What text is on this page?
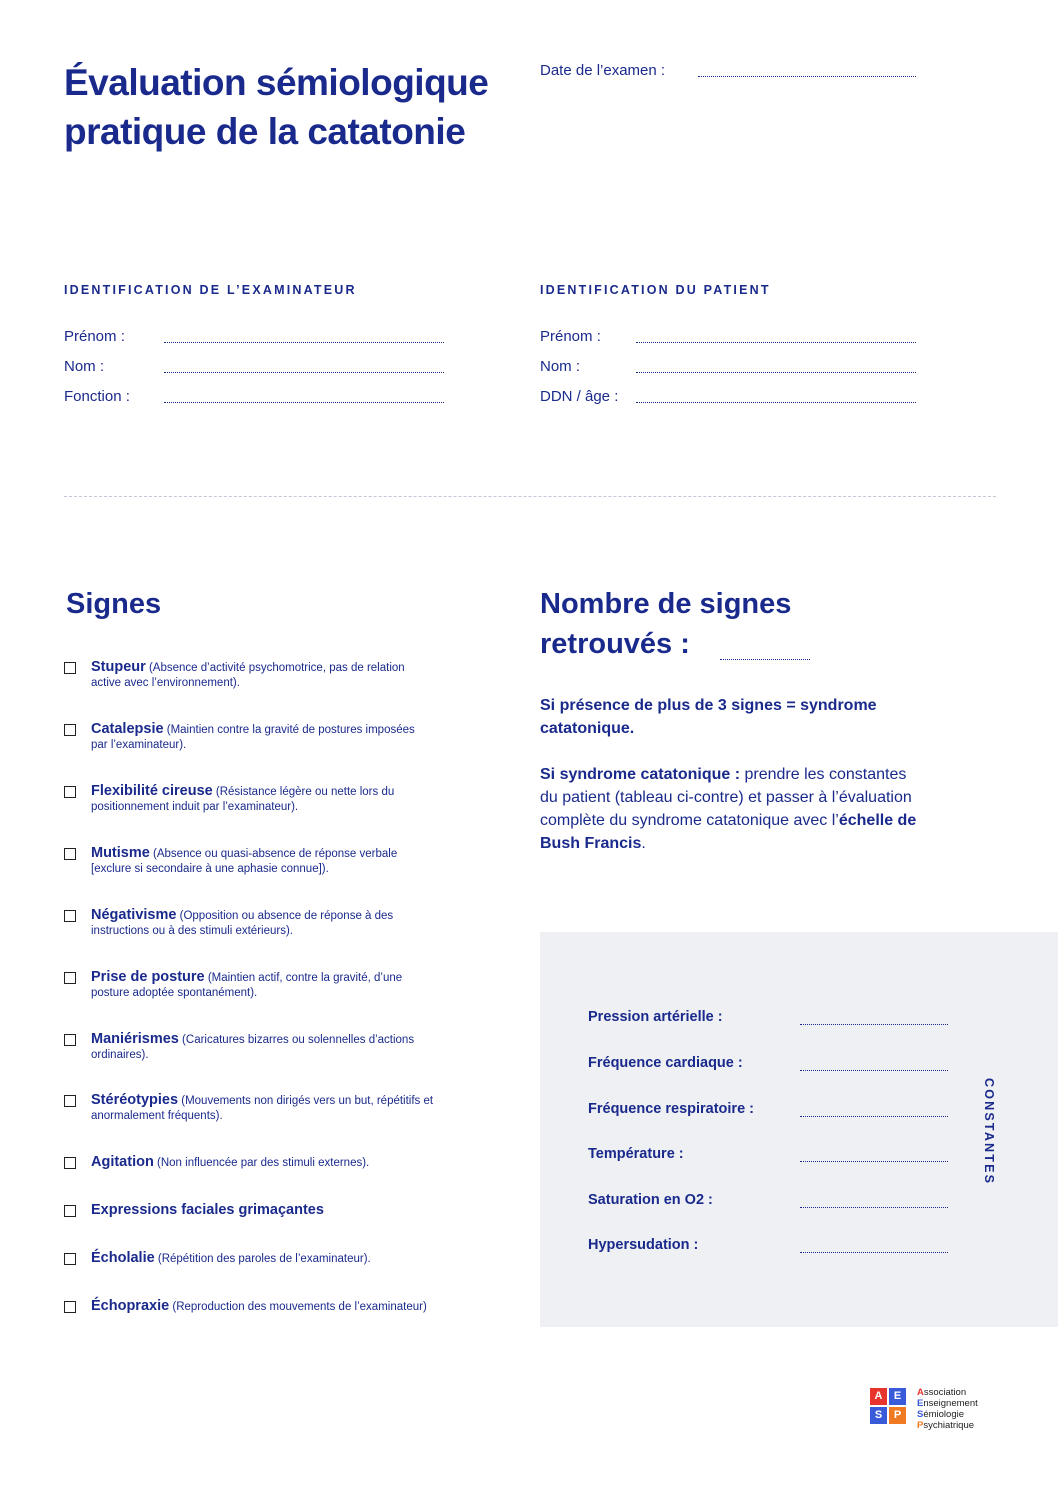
Évaluation sémiologique pratique de la catatonie
Date de l’examen :
IDENTIFICATION DE L’EXAMINATEUR
Prénom :
Nom :
Fonction :
IDENTIFICATION DU PATIENT
Prénom :
Nom :
DDN / âge :
Signes
Stupeur (Absence d’activité psychomotrice, pas de relation active avec l’environnement).
Catalepsie (Maintien contre la gravité de postures imposées par l’examinateur).
Flexibilité cireuse (Résistance légère ou nette lors du positionnement induit par l’examinateur).
Mutisme (Absence ou quasi-absence de réponse verbale [exclure si secondaire à une aphasie connue]).
Négativisme (Opposition ou absence de réponse à des instructions ou à des stimuli extérieurs).
Prise de posture (Maintien actif, contre la gravité, d’une posture adoptée spontanément).
Maniérismes (Caricatures bizarres ou solennelles d’actions ordinaires).
Stéréotypies (Mouvements non dirigés vers un but, répétitifs et anormalement fréquents).
Agitation (Non influencée par des stimuli externes).
Expressions faciales grimaçantes
Écholalie (Répétition des paroles de l’examinateur).
Échopraxie (Reproduction des mouvements de l’examinateur)
Nombre de signes
retrouvés :
Si présence de plus de 3 signes = syndrome catatonique.
Si syndrome catatonique : prendre les constantes du patient (tableau ci-contre) et passer à l’évaluation complète du syndrome catatonique avec l’échelle de Bush Francis.
Pression artérielle :
Fréquence cardiaque :
Fréquence respiratoire :
Température :
Saturation en O2 :
Hypersudation :
CONSTANTES
A	E
S	P
Association
Enseignement
Sémiologie
Psychiatrique
